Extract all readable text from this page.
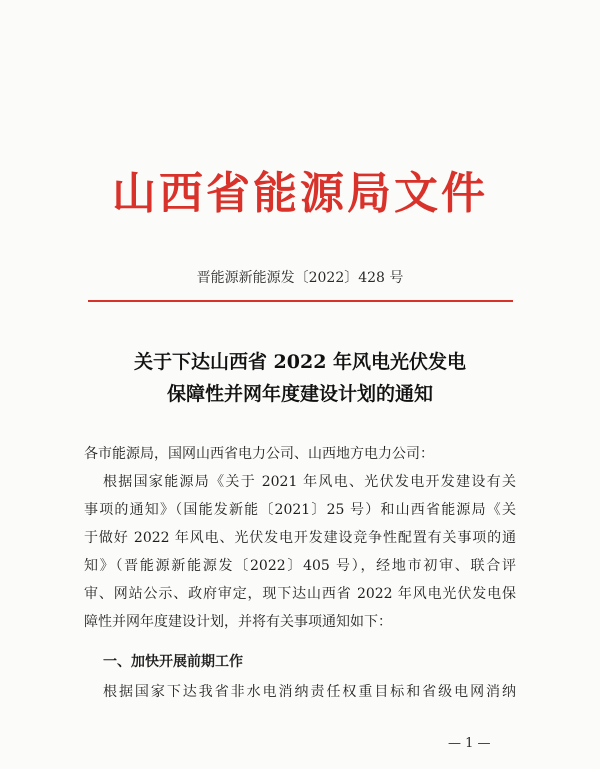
山西省能源局文件
晋能源新能源发〔2022〕428 号
关于下达山西省 2022 年风电光伏发电
保障性并网年度建设计划的通知
各市能源局，国网山西省电力公司、山西地方电力公司：
根据国家能源局《关于 2021 年风电、光伏发电开发建设有关
事项的通知》（国能发新能〔2021〕25 号）和山西省能源局《关
于做好 2022 年风电、光伏发电开发建设竞争性配置有关事项的通
知》（晋能源新能源发〔2022〕405 号），经地市初审、联合评
审、网站公示、政府审定，现下达山西省 2022 年风电光伏发电保
障性并网年度建设计划，并将有关事项通知如下：
一、加快开展前期工作
根据国家下达我省非水电消纳责任权重目标和省级电网消纳
— 1 —
